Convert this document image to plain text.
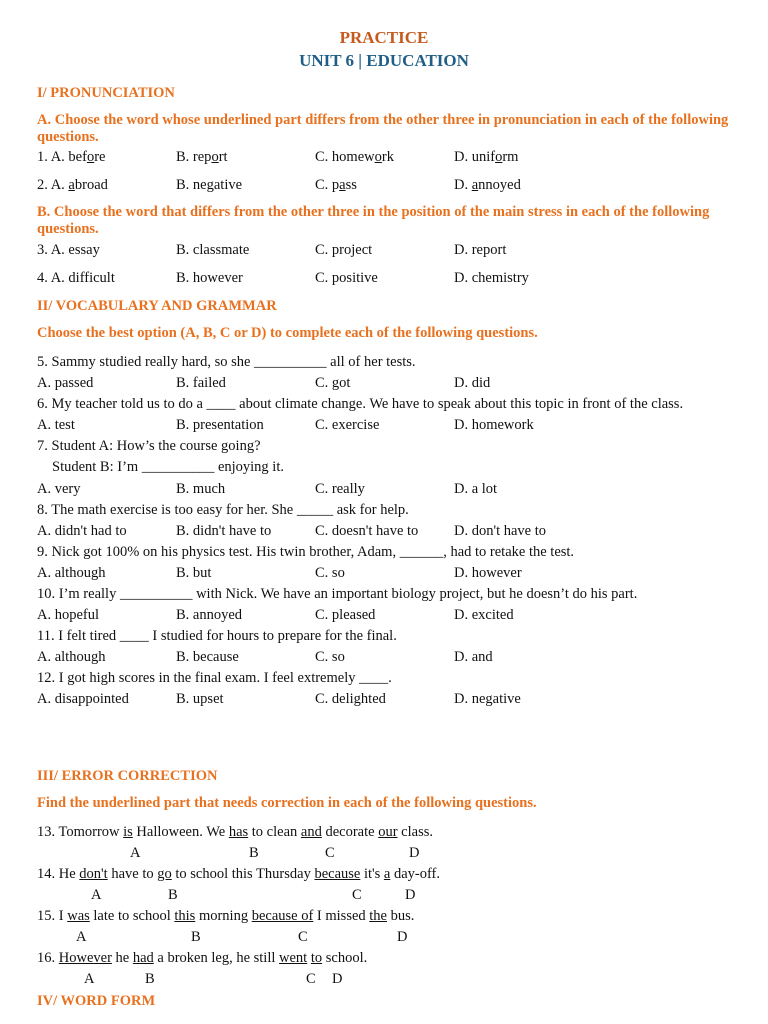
PRACTICE
UNIT 6 | EDUCATION
I/ PRONUNCIATION
A. Choose the word whose underlined part differs from the other three in pronunciation in each of the following questions.
1. A. before	B. report	C. homework	D. uniform
2. A. abroad	B. negative	C. pass	D. annoyed
B. Choose the word that differs from the other three in the position of the main stress in each of the following questions.
3. A. essay	B. classmate	C. project	D. report
4. A. difficult	B. however	C. positive	D. chemistry
II/ VOCABULARY AND GRAMMAR
Choose the best option (A, B, C or D) to complete each of the following questions.
5. Sammy studied really hard, so she __________ all of her tests.
A. passed	B. failed	C. got	D. did
6. My teacher told us to do a ____ about climate change. We have to speak about this topic in front of the class.
A. test	B. presentation	C. exercise	D. homework
7. Student A: How’s the course going?
Student B: I’m __________ enjoying it.
A. very	B. much	C. really	D. a lot
8. The math exercise is too easy for her. She _____ ask for help.
A. didn't had to	B. didn't have to	C. doesn't have to D. don't have to
9. Nick got 100% on his physics test. His twin brother, Adam, ______, had to retake the test.
A. although	B. but	C. so	D. however
10. I’m really __________ with Nick. We have an important biology project, but he doesn’t do his part.
A. hopeful	B. annoyed	C. pleased	D. excited
11. I felt tired ____ I studied for hours to prepare for the final.
A. although	B. because	C. so	D. and
12. I got high scores in the final exam. I feel extremely ____.
A. disappointed	B. upset	C. delighted	D. negative
III/ ERROR CORRECTION
Find the underlined part that needs correction in each of the following questions.
13. Tomorrow is Halloween. We has to clean and decorate our class.
A	B	C	D
14. He don't have to go to school this Thursday because it's a day-off.
A	B	C	D
15. I was late to school this morning because of I missed the bus.
A	B	C	D
16. However he had a broken leg, he still went to school.
A	B	C D
IV/ WORD FORM
